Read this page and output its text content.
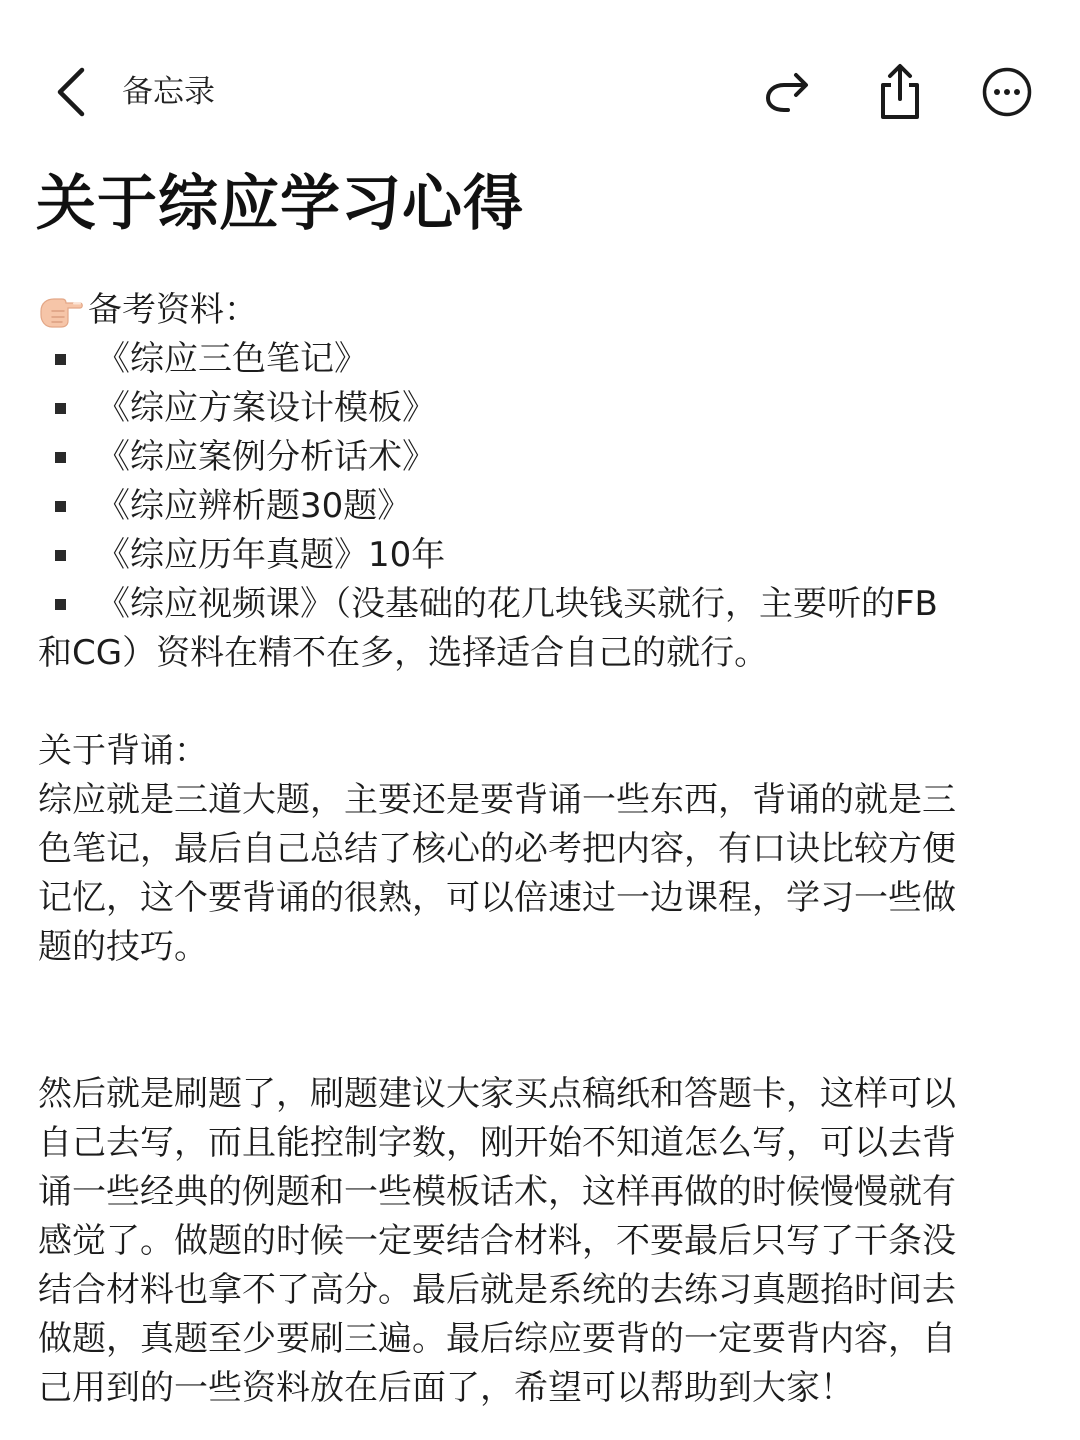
备忘录
关于综应学习心得
备考资料：
《综应三色笔记》
《综应方案设计模板》
《综应案例分析话术》
《综应辨析题30题》
《综应历年真题》10年
《综应视频课》（没基础的花几块钱买就行，主要听的FB
和CG）资料在精不在多，选择适合自己的就行。
关于背诵：
综应就是三道大题，主要还是要背诵一些东西，背诵的就是三
色笔记，最后自己总结了核心的必考把内容，有口诀比较方便
记忆，这个要背诵的很熟，可以倍速过一边课程，学习一些做
题的技巧。
然后就是刷题了，刷题建议大家买点稿纸和答题卡，这样可以
自己去写，而且能控制字数，刚开始不知道怎么写，可以去背
诵一些经典的例题和一些模板话术，这样再做的时候慢慢就有
感觉了。做题的时候一定要结合材料，不要最后只写了干条没
结合材料也拿不了高分。最后就是系统的去练习真题掐时间去
做题，真题至少要刷三遍。最后综应要背的一定要背内容，自
己用到的一些资料放在后面了，希望可以帮助到大家！
